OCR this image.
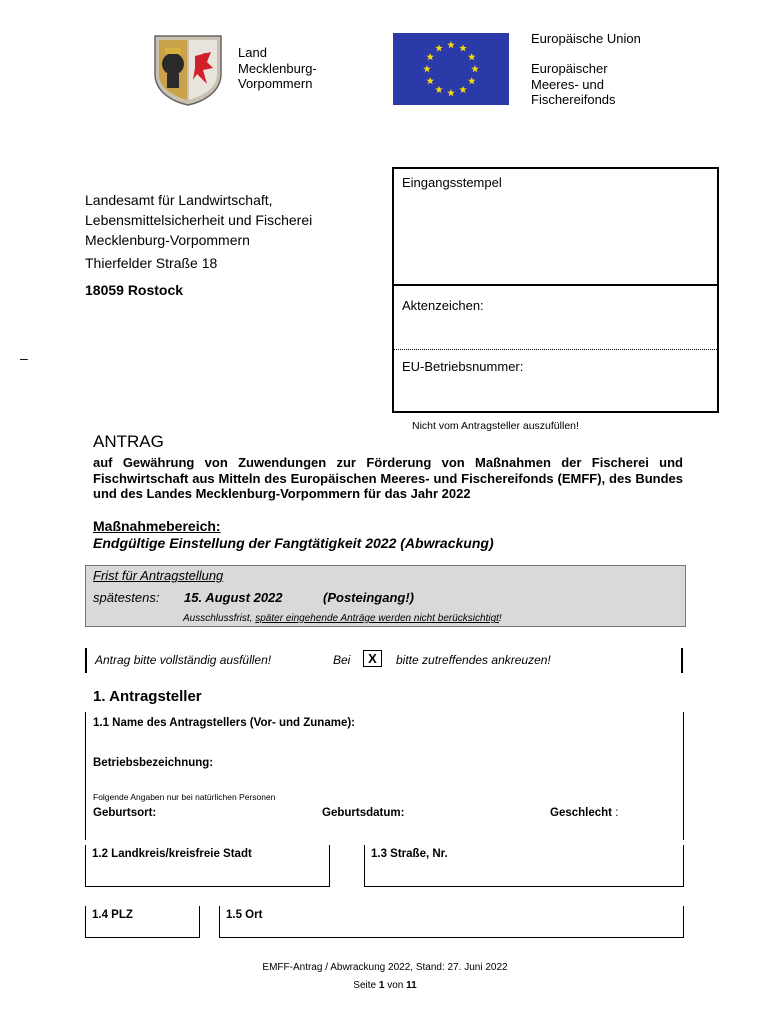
Land
Mecklenburg-
Vorpommern
Europäische Union
Europäischer
Meeres- und
Fischereifonds
Landesamt für Landwirtschaft,
Lebensmittelsicherheit und Fischerei
Mecklenburg-Vorpommern
Thierfelder Straße 18
18059 Rostock
–
Eingangsstempel
Aktenzeichen:
EU-Betriebsnummer:
Nicht vom Antragsteller auszufüllen!
ANTRAG
auf Gewährung von Zuwendungen zur Förderung von Maßnahmen der Fischerei und Fischwirtschaft aus Mitteln des Europäischen Meeres- und Fischereifonds (EMFF), des Bundes und des Landes Mecklenburg-Vorpommern für das Jahr 2022
Maßnahmebereich:
Endgültige Einstellung der Fangtätigkeit 2022 (Abwrackung)
Frist für Antragstellung
spätestens: 15. August 2022	(Posteingang!)
Ausschlussfrist, später eingehende Anträge werden nicht berücksichtigt!
Antrag bitte vollständig ausfüllen!	Bei	X	bitte zutreffendes ankreuzen!
1. Antragsteller
1.1 Name des Antragstellers (Vor- und Zuname):
Betriebsbezeichnung:
Folgende Angaben nur bei natürlichen Personen
Geburtsort:	Geburtsdatum:	Geschlecht :
1.2 Landkreis/kreisfreie Stadt	1.3 Straße, Nr.
1.4 PLZ	1.5 Ort
EMFF-Antrag / Abwrackung 2022, Stand: 27. Juni 2022
Seite 1 von 11
